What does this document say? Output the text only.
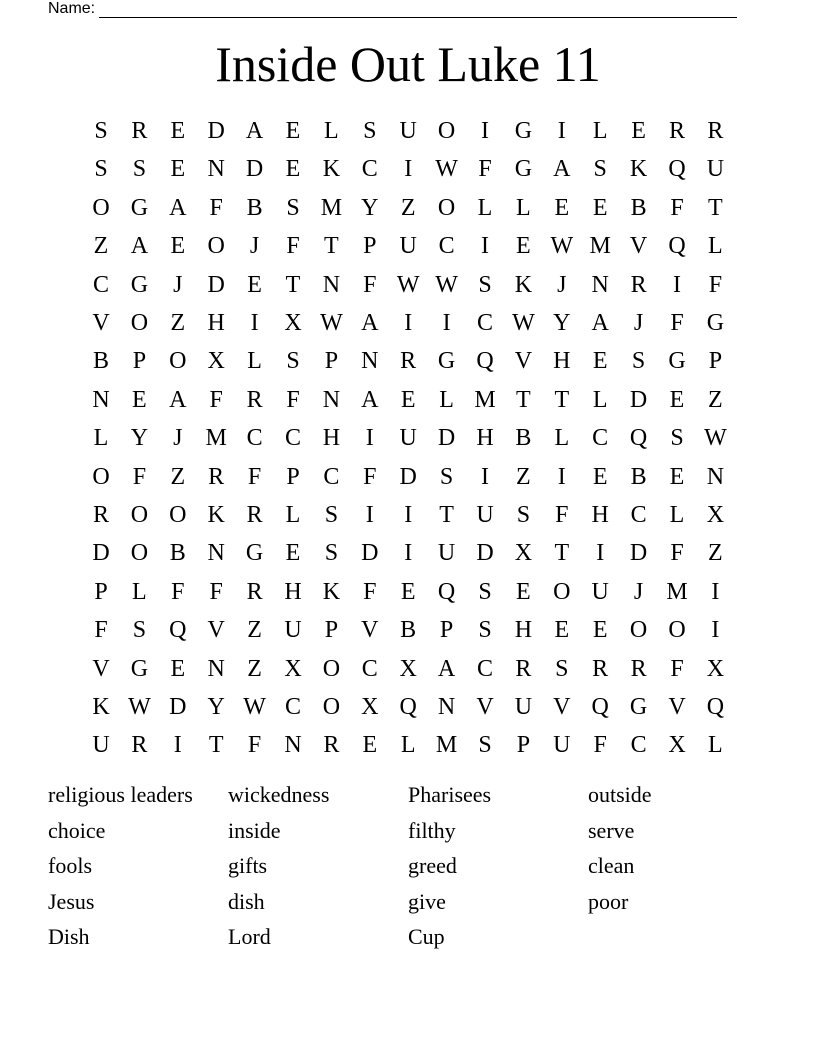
Name:
Inside Out Luke 11
S R E D A E L	S U O	I	G	I	L E R R
S	S	E N D E K C	I W F G A S K Q U
O G A F B S M Y Z O L L E E B F	T
Z A E O	J	F	T	P U C	I	E W M V Q L
C G	J	D E T N F W W S K	J	N R	I	F
V O Z H	I	X W A	I	I	C W Y A	J	F G
B P O X L	S	P N R G Q V H E	S G P
N E A F R F N A E L M T T L D E Z
L Y	J M C C H	I	U D H B L C Q S W
O F	Z R F	P C F D S	I	Z	I	E B E N
R O O K R L	S	I	I	T U S	F H C L X
D O B N G E	S D	I	U D X T	I	D F	Z
P	L	F	F R H K F	E Q S	E O U	J M I
F	S Q V Z U P V B P	S H E E O O	I
V G E N Z X O C X A C R S R R F X
K W D Y W C O X Q N V U V Q G V Q
U R	I	T	F N R E L M S	P U F C X L
religious leaders
choice
fools
Jesus
Dish
wickedness
inside
gifts
dish
Lord
Pharisees
filthy
greed
give
Cup
outside
serve
clean
poor
